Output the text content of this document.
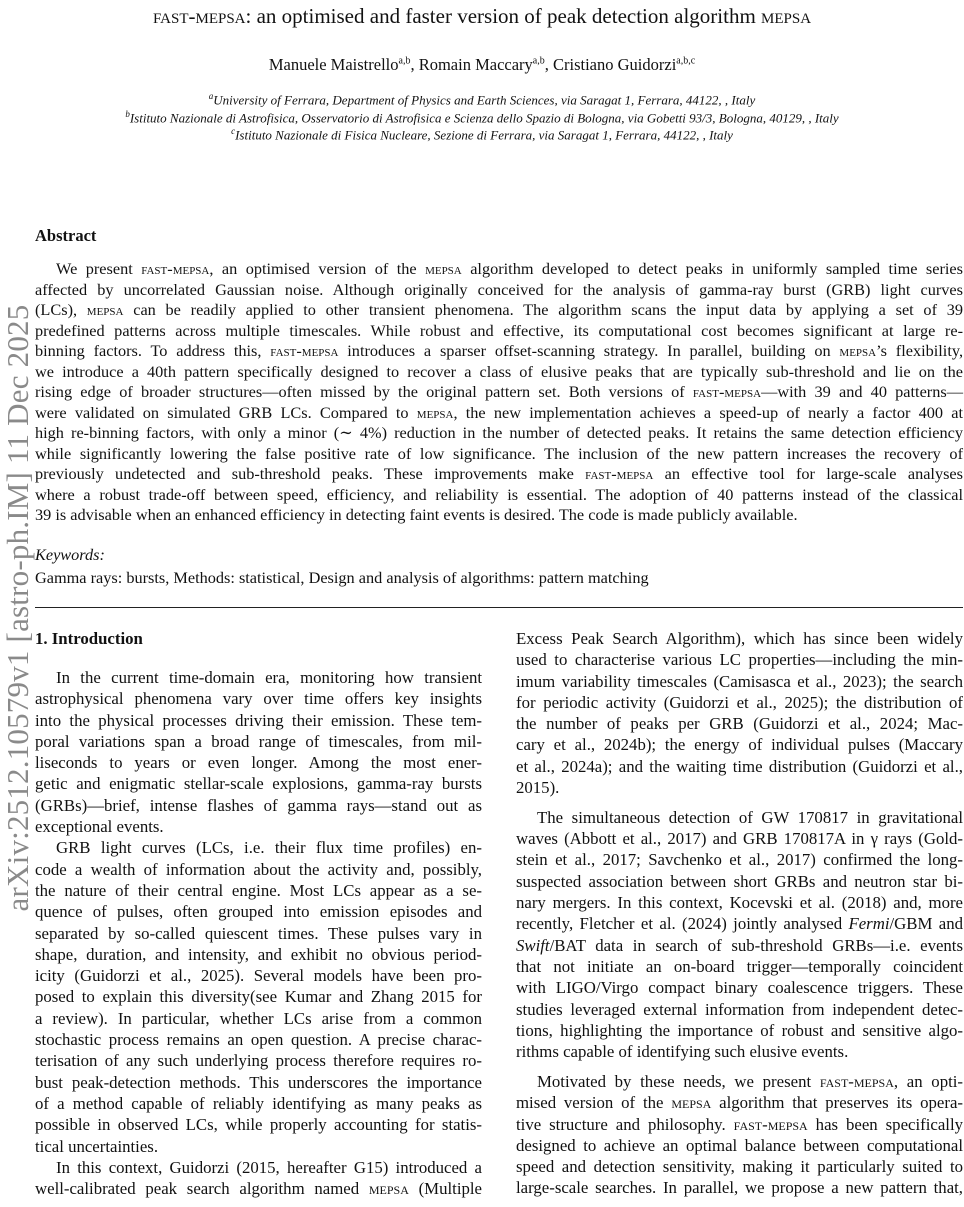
fast-mepsa: an optimised and faster version of peak detection algorithm mepsa
Manuele Maistrello$^{a,b}$, Romain Maccary$^{a,b}$, Cristiano Guidorzi$^{a,b,c}$
$^a$University of Ferrara, Department of Physics and Earth Sciences, via Saragat 1, Ferrara, 44122, , Italy
$^b$Istituto Nazionale di Astrofisica, Osservatorio di Astrofisica e Scienza dello Spazio di Bologna, via Gobetti 93/3, Bologna, 40129, , Italy
$^c$Istituto Nazionale di Fisica Nucleare, Sezione di Ferrara, via Saragat 1, Ferrara, 44122, , Italy
arXiv:2512.10579v1 [astro-ph.IM] 11 Dec 2025
Abstract
We present fast-mepsa, an optimised version of the mepsa algorithm developed to detect peaks in uniformly sampled time series
affected by uncorrelated Gaussian noise. Although originally conceived for the analysis of gamma-ray burst (GRB) light curves
(LCs), mepsa can be readily applied to other transient phenomena. The algorithm scans the input data by applying a set of 39
predefined patterns across multiple timescales. While robust and effective, its computational cost becomes significant at large re-
binning factors. To address this, fast-mepsa introduces a sparser offset-scanning strategy. In parallel, building on mepsa’s flexibility,
we introduce a 40th pattern specifically designed to recover a class of elusive peaks that are typically sub-threshold and lie on the
rising edge of broader structures—often missed by the original pattern set. Both versions of fast-mepsa—with 39 and 40 patterns—
were validated on simulated GRB LCs. Compared to mepsa, the new implementation achieves a speed-up of nearly a factor 400 at
high re-binning factors, with only a minor (∼ 4%) reduction in the number of detected peaks. It retains the same detection efficiency
while significantly lowering the false positive rate of low significance. The inclusion of the new pattern increases the recovery of
previously undetected and sub-threshold peaks. These improvements make fast-mepsa an effective tool for large-scale analyses
where a robust trade-off between speed, efficiency, and reliability is essential. The adoption of 40 patterns instead of the classical
39 is advisable when an enhanced efficiency in detecting faint events is desired. The code is made publicly available.
Keywords:
Gamma rays: bursts, Methods: statistical, Design and analysis of algorithms: pattern matching
1. Introduction
In the current time-domain era, monitoring how transient
astrophysical phenomena vary over time offers key insights
into the physical processes driving their emission. These tem-
poral variations span a broad range of timescales, from mil-
liseconds to years or even longer. Among the most ener-
getic and enigmatic stellar-scale explosions, gamma-ray bursts
(GRBs)—brief, intense flashes of gamma rays—stand out as
exceptional events.
GRB light curves (LCs, i.e. their flux time profiles) en-
code a wealth of information about the activity and, possibly,
the nature of their central engine. Most LCs appear as a se-
quence of pulses, often grouped into emission episodes and
separated by so-called quiescent times. These pulses vary in
shape, duration, and intensity, and exhibit no obvious period-
icity (Guidorzi et al., 2025). Several models have been pro-
posed to explain this diversity(see Kumar and Zhang 2015 for
a review). In particular, whether LCs arise from a common
stochastic process remains an open question. A precise charac-
terisation of any such underlying process therefore requires ro-
bust peak-detection methods. This underscores the importance
of a method capable of reliably identifying as many peaks as
possible in observed LCs, while properly accounting for statis-
tical uncertainties.
In this context, Guidorzi (2015, hereafter G15) introduced a
well-calibrated peak search algorithm named mepsa (Multiple
Excess Peak Search Algorithm), which has since been widely
used to characterise various LC properties—including the min-
imum variability timescales (Camisasca et al., 2023); the search
for periodic activity (Guidorzi et al., 2025); the distribution of
the number of peaks per GRB (Guidorzi et al., 2024; Mac-
cary et al., 2024b); the energy of individual pulses (Maccary
et al., 2024a); and the waiting time distribution (Guidorzi et al.,
2015).
The simultaneous detection of GW 170817 in gravitational
waves (Abbott et al., 2017) and GRB 170817A in γ rays (Gold-
stein et al., 2017; Savchenko et al., 2017) confirmed the long-
suspected association between short GRBs and neutron star bi-
nary mergers. In this context, Kocevski et al. (2018) and, more
recently, Fletcher et al. (2024) jointly analysed Fermi/GBM and
Swift/BAT data in search of sub-threshold GRBs—i.e. events
that not initiate an on-board trigger—temporally coincident
with LIGO/Virgo compact binary coalescence triggers. These
studies leveraged external information from independent detec-
tions, highlighting the importance of robust and sensitive algo-
rithms capable of identifying such elusive events.
Motivated by these needs, we present fast-mepsa, an opti-
mised version of the mepsa algorithm that preserves its opera-
tive structure and philosophy. fast-mepsa has been specifically
designed to achieve an optimal balance between computational
speed and detection sensitivity, making it particularly suited to
large-scale searches. In parallel, we propose a new pattern that,
